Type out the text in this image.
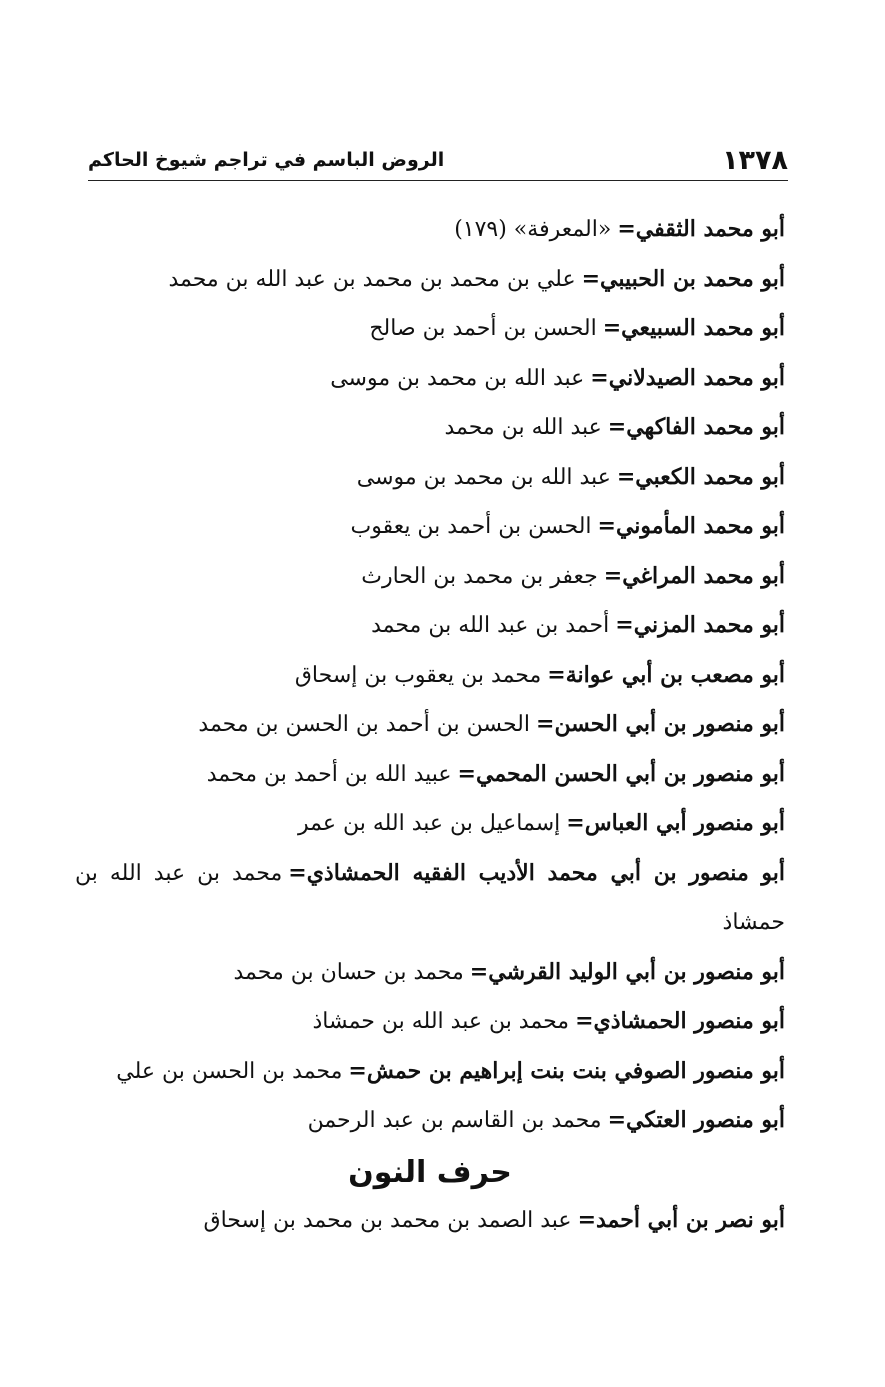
١٣٧٨
الروض الباسم في تراجم شيوخ الحاكم
أبو محمد الثقفي=«المعرفة» (١٧٩)
أبو محمد بن الحبيبي=علي بن محمد بن محمد بن عبد الله بن محمد
أبو محمد السبيعي=الحسن بن أحمد بن صالح
أبو محمد الصيدلاني=عبد الله بن محمد بن موسى
أبو محمد الفاكهي=عبد الله بن محمد
أبو محمد الكعبي=عبد الله بن محمد بن موسى
أبو محمد المأموني=الحسن بن أحمد بن يعقوب
أبو محمد المراغي=جعفر بن محمد بن الحارث
أبو محمد المزني=أحمد بن عبد الله بن محمد
أبو مصعب بن أبي عوانة=محمد بن يعقوب بن إسحاق
أبو منصور بن أبي الحسن=الحسن بن أحمد بن الحسن بن محمد
أبو منصور بن أبي الحسن المحمي=عبيد الله بن أحمد بن محمد
أبو منصور أبي العباس=إسماعيل بن عبد الله بن عمر
أبو منصور بن أبي محمد الأديب الفقيه الحمشاذي=محمد بن عبد الله بن حمشاذ
أبو منصور بن أبي الوليد القرشي=محمد بن حسان بن محمد
أبو منصور الحمشاذي=محمد بن عبد الله بن حمشاذ
أبو منصور الصوفي بنت بنت إبراهيم بن حمش=محمد بن الحسن بن علي
أبو منصور العتكي=محمد بن القاسم بن عبد الرحمن
حرف النون
أبو نصر بن أبي أحمد=عبد الصمد بن محمد بن محمد بن إسحاق
